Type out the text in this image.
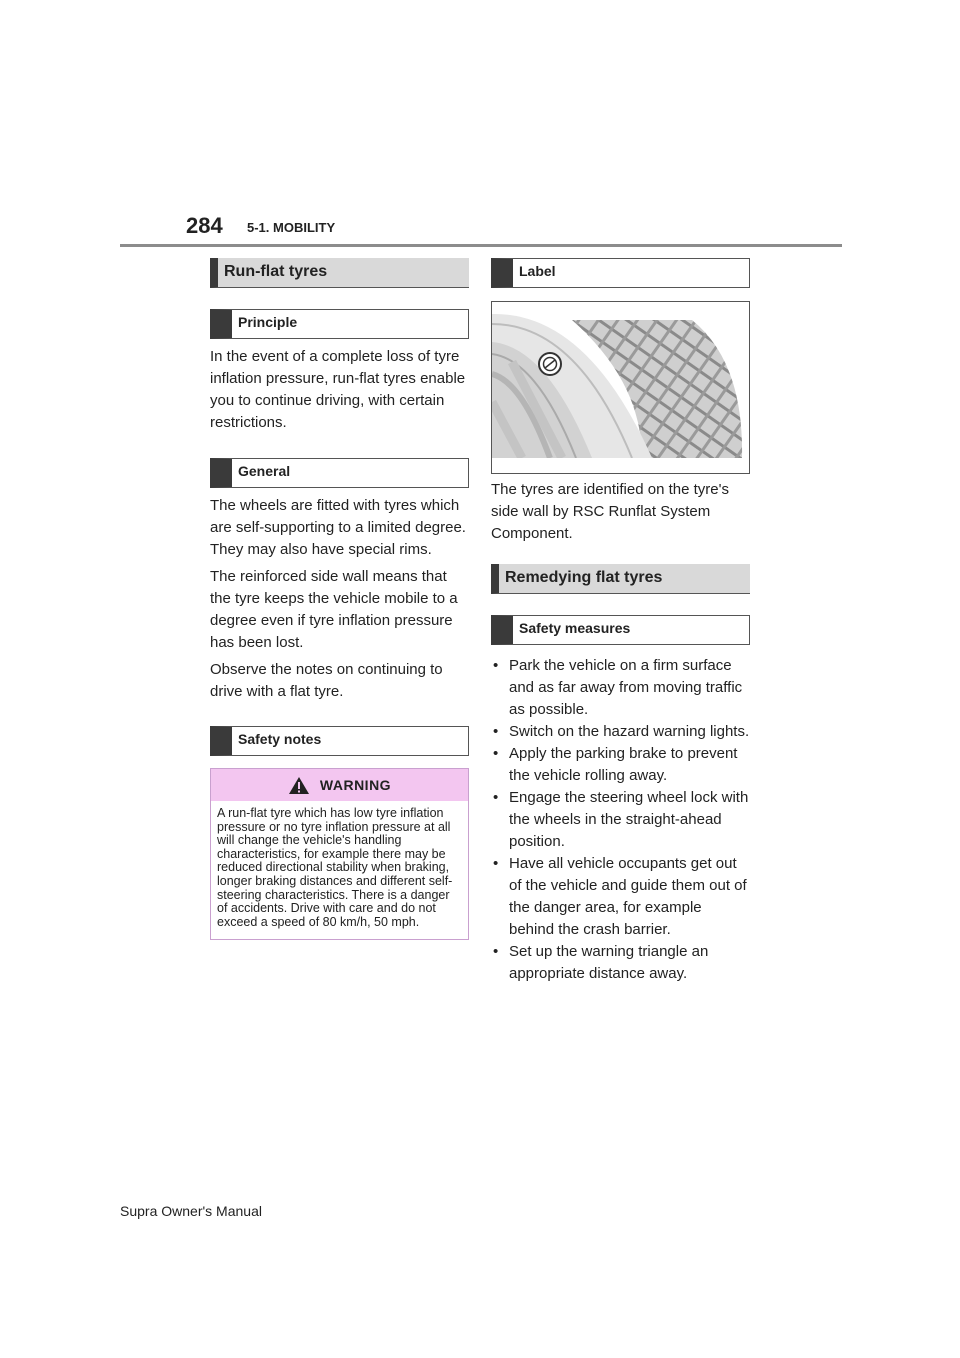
284 5-1. MOBILITY
Run-flat tyres
Principle

In the event of a complete loss of tyre inflation pressure, run-flat tyres enable you to continue driving, with certain restrictions.

General

The wheels are fitted with tyres which are self-supporting to a limited degree. They may also have special rims.

The reinforced side wall means that the tyre keeps the vehicle mobile to a degree even if tyre inflation pressure has been lost.

Observe the notes on continuing to drive with a flat tyre.

Safety notes
WARNING
A run-flat tyre which has low tyre inflation pressure or no tyre inflation pressure at all will change the vehicle's handling characteristics, for example there may be reduced directional stability when braking, longer braking distances and different self-steering characteristics. There is a danger of accidents. Drive with care and do not exceed a speed of 80 km/h, 50 mph.
Label

The tyres are identified on the tyre's side wall by RSC Runflat System Component.

Remedying flat tyres
Safety measures
• Park the vehicle on a firm surface and as far away from moving traffic as possible.
• Switch on the hazard warning lights.
• Apply the parking brake to prevent the vehicle rolling away.
• Engage the steering wheel lock with the wheels in the straight-ahead position.
• Have all vehicle occupants get out of the vehicle and guide them out of the danger area, for example behind the crash barrier.
• Set up the warning triangle an appropriate distance away.
Supra Owner's Manual
